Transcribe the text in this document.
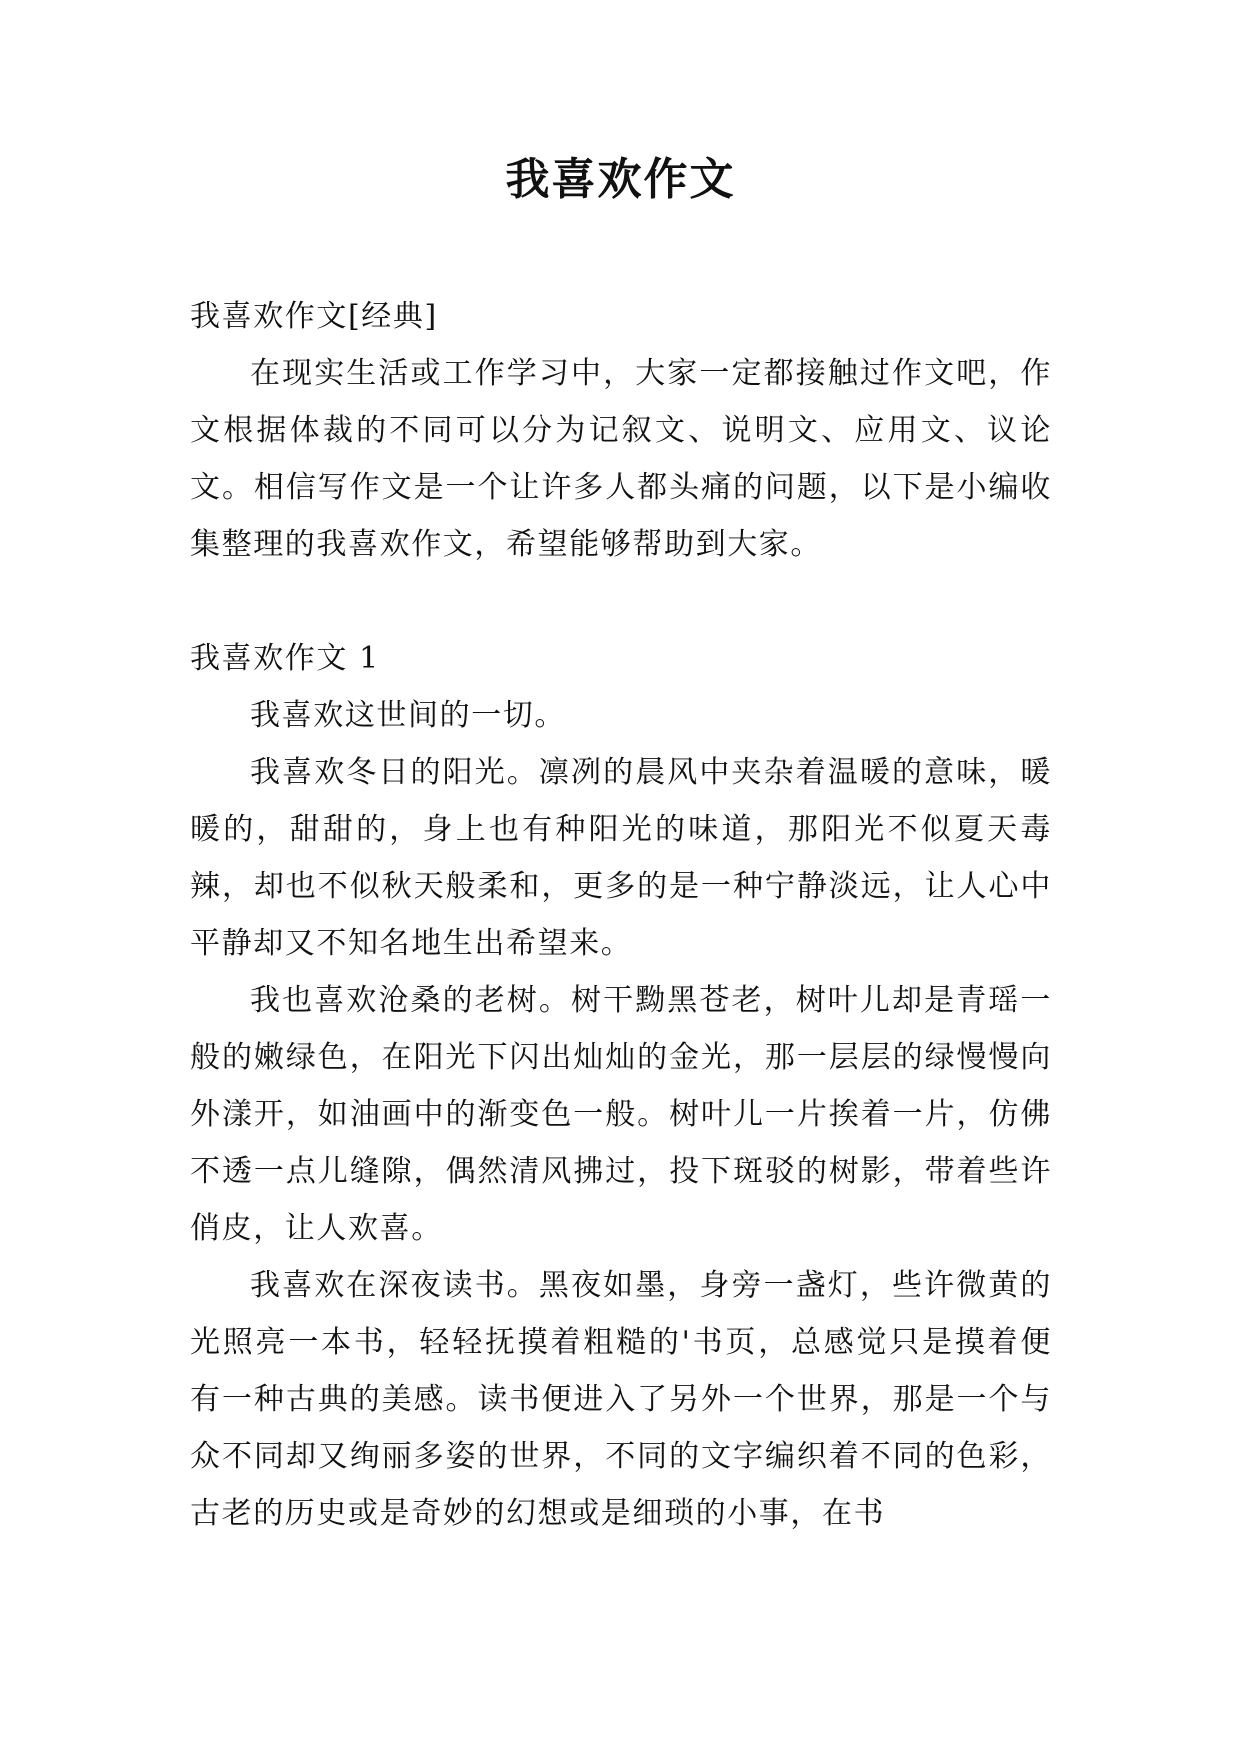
我喜欢作文

我喜欢作文[经典]

在现实生活或工作学习中，大家一定都接触过作文吧，作文根据体裁的不同可以分为记叙文、说明文、应用文、议论文。相信写作文是一个让许多人都头痛的问题，以下是小编收集整理的我喜欢作文，希望能够帮助到大家。

我喜欢作文 1

我喜欢这世间的一切。

我喜欢冬日的阳光。凛冽的晨风中夹杂着温暖的意味，暖暖的，甜甜的，身上也有种阳光的味道，那阳光不似夏天毒辣，却也不似秋天般柔和，更多的是一种宁静淡远，让人心中平静却又不知名地生出希望来。

我也喜欢沧桑的老树。树干黝黑苍老，树叶儿却是青瑶一般的嫩绿色，在阳光下闪出灿灿的金光，那一层层的绿慢慢向外漾开，如油画中的渐变色一般。树叶儿一片挨着一片，仿佛不透一点儿缝隙，偶然清风拂过，投下斑驳的树影，带着些许俏皮，让人欢喜。

我喜欢在深夜读书。黑夜如墨，身旁一盏灯，些许微黄的光照亮一本书，轻轻抚摸着粗糙的'书页，总感觉只是摸着便有一种古典的美感。读书便进入了另外一个世界，那是一个与众不同却又绚丽多姿的世界，不同的文字编织着不同的色彩，古老的历史或是奇妙的幻想或是细琐的小事，在书
